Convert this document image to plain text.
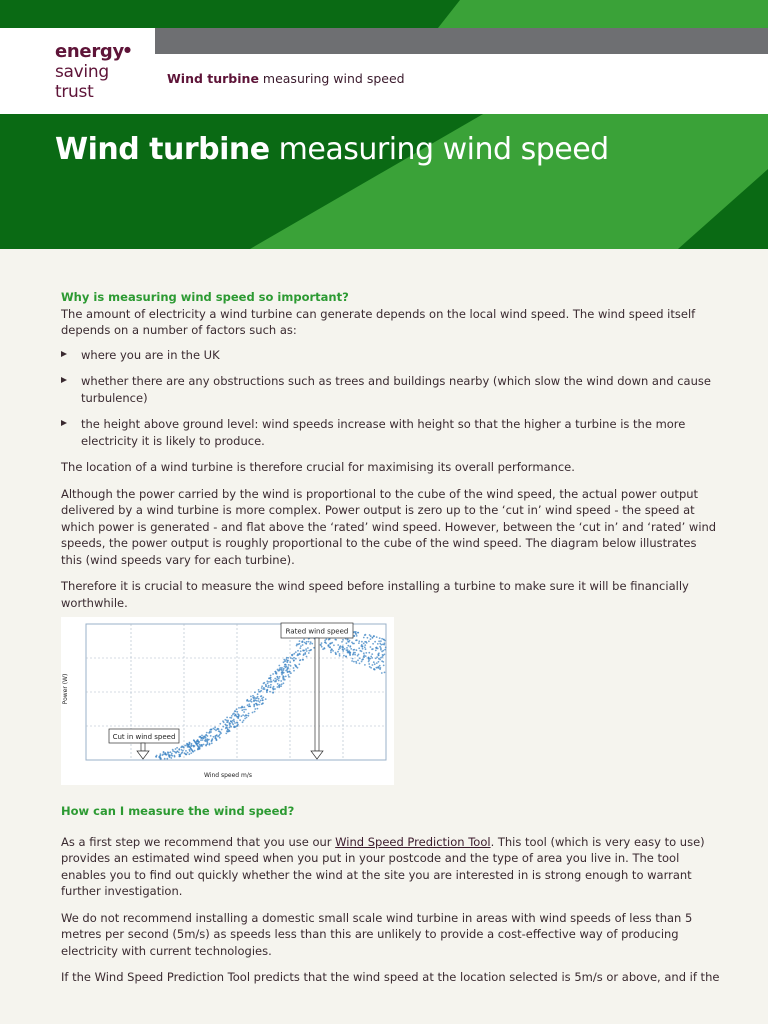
energy●
saving
trust
Wind turbine measuring wind speed
Wind turbine measuring wind speed

Why is measuring wind speed so important?

The amount of electricity a wind turbine can generate depends on the local wind speed. The wind speed itself depends on a number of factors such as:

where you are in the UK
whether there are any obstructions such as trees and buildings nearby (which slow the wind down and cause turbulence)
the height above ground level: wind speeds increase with height so that the higher a turbine is the more electricity it is likely to produce.

The location of a wind turbine is therefore crucial for maximising its overall performance.

Although the power carried by the wind is proportional to the cube of the wind speed, the actual power output delivered by a wind turbine is more complex. Power output is zero up to the ‘cut in’ wind speed - the speed at which power is generated - and flat above the ‘rated’ wind speed. However, between the ‘cut in’ and ‘rated’ wind speeds, the power output is roughly proportional to the cube of the wind speed. The diagram below illustrates this (wind speeds vary for each turbine).

Therefore it is crucial to measure the wind speed before installing a turbine to make sure it will be financially worthwhile.

Rated wind speed
Cut in wind speed
Power (W)
Wind speed m/s

How can I measure the wind speed?

As a first step we recommend that you use our Wind Speed Prediction Tool. This tool (which is very easy to use) provides an estimated wind speed when you put in your postcode and the type of area you live in. The tool enables you to find out quickly whether the wind at the site you are interested in is strong enough to warrant further investigation.

We do not recommend installing a domestic small scale wind turbine in areas with wind speeds of less than 5 metres per second (5m/s) as speeds less than this are unlikely to provide a cost-effective way of producing electricity with current technologies.

If the Wind Speed Prediction Tool predicts that the wind speed at the location selected is 5m/s or above, and if the
